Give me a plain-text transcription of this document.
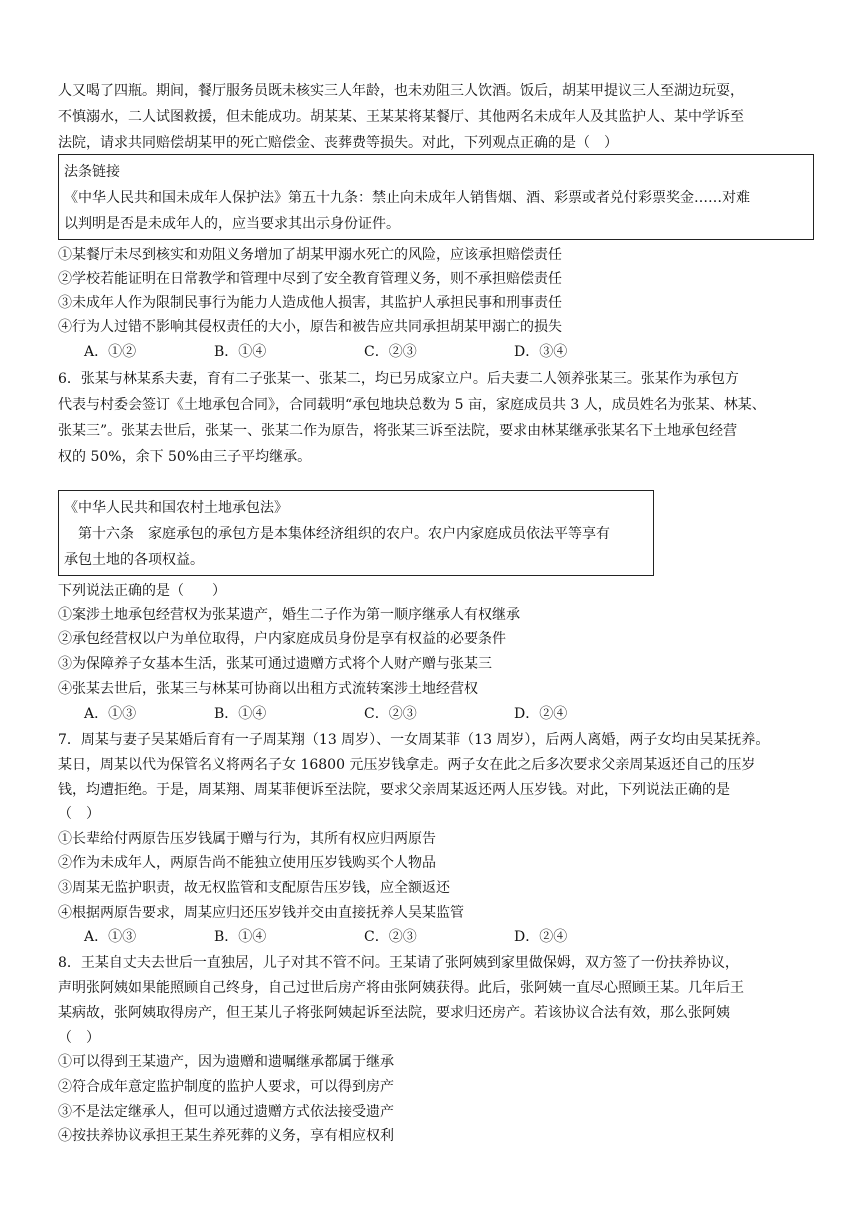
人又喝了四瓶。期间，餐厅服务员既未核实三人年龄，也未劝阻三人饮酒。饭后，胡某甲提议三人至湖边玩耍，
不慎溺水，二人试图救援，但未能成功。胡某某、王某某将某餐厅、其他两名未成年人及其监护人、某中学诉至
法院，请求共同赔偿胡某甲的死亡赔偿金、丧葬费等损失。对此，下列观点正确的是（　）
法条链接
《中华人民共和国未成年人保护法》第五十九条：禁止向未成年人销售烟、酒、彩票或者兑付彩票奖金……对难
以判明是否是未成年人的，应当要求其出示身份证件。
①某餐厅未尽到核实和劝阻义务增加了胡某甲溺水死亡的风险，应该承担赔偿责任
②学校若能证明在日常教学和管理中尽到了安全教育管理义务，则不承担赔偿责任
③未成年人作为限制民事行为能力人造成他人损害，其监护人承担民事和刑事责任
④行为人过错不影响其侵权责任的大小，原告和被告应共同承担胡某甲溺亡的损失
A．①②	B．①④	C．②③	D．③④
6．张某与林某系夫妻，育有二子张某一、张某二，均已另成家立户。后夫妻二人领养张某三。张某作为承包方
代表与村委会签订《土地承包合同》，合同载明“承包地块总数为 5 亩，家庭成员共 3 人，成员姓名为张某、林某、
张某三”。张某去世后，张某一、张某二作为原告，将张某三诉至法院，要求由林某继承张某名下土地承包经营
权的 50%，余下 50%由三子平均继承。
《中华人民共和国农村土地承包法》
　第十六条　家庭承包的承包方是本集体经济组织的农户。农户内家庭成员依法平等享有
承包土地的各项权益。
下列说法正确的是（　　）
①案涉土地承包经营权为张某遗产，婚生二子作为第一顺序继承人有权继承
②承包经营权以户为单位取得，户内家庭成员身份是享有权益的必要条件
③为保障养子女基本生活，张某可通过遗赠方式将个人财产赠与张某三
④张某去世后，张某三与林某可协商以出租方式流转案涉土地经营权
A．①③	B．①④	C．②③	D．②④
7．周某与妻子吴某婚后育有一子周某翔（13 周岁）、一女周某菲（13 周岁），后两人离婚，两子女均由吴某抚养。
某日，周某以代为保管名义将两名子女 16800 元压岁钱拿走。两子女在此之后多次要求父亲周某返还自己的压岁
钱，均遭拒绝。于是，周某翔、周某菲便诉至法院，要求父亲周某返还两人压岁钱。对此，下列说法正确的是
（　）
①长辈给付两原告压岁钱属于赠与行为，其所有权应归两原告
②作为未成年人，两原告尚不能独立使用压岁钱购买个人物品
③周某无监护职责，故无权监管和支配原告压岁钱，应全额返还
④根据两原告要求，周某应归还压岁钱并交由直接抚养人吴某监管
A．①③	B．①④	C．②③	D．②④
8．王某自丈夫去世后一直独居，儿子对其不管不问。王某请了张阿姨到家里做保姆，双方签了一份扶养协议，
声明张阿姨如果能照顾自己终身，自己过世后房产将由张阿姨获得。此后，张阿姨一直尽心照顾王某。几年后王
某病故，张阿姨取得房产，但王某儿子将张阿姨起诉至法院，要求归还房产。若该协议合法有效，那么张阿姨
（　）
①可以得到王某遗产，因为遗赠和遗嘱继承都属于继承
②符合成年意定监护制度的监护人要求，可以得到房产
③不是法定继承人，但可以通过遗赠方式依法接受遗产
④按扶养协议承担王某生养死葬的义务，享有相应权利
